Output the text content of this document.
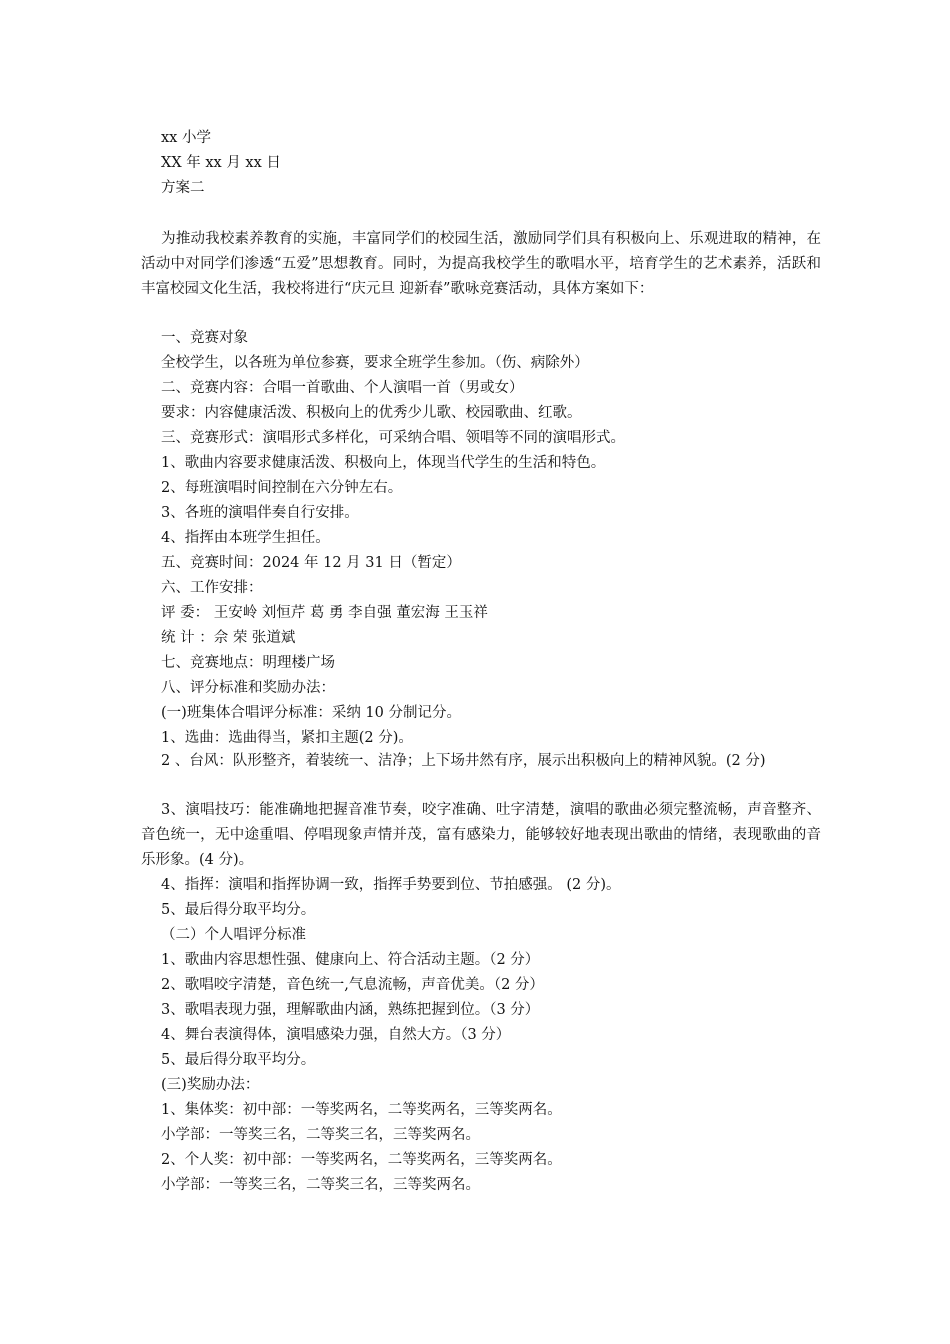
xx 小学
XX 年 xx 月 xx 日
方案二
为推动我校素养教育的实施，丰富同学们的校园生活，激励同学们具有积极向上、乐观进取的精神，在活动中对同学们渗透“五爱”思想教育。同时，为提高我校学生的歌唱水平，培育学生的艺术素养，活跃和丰富校园文化生活，我校将进行“庆元旦 迎新春”歌咏竞赛活动，具体方案如下：
一、竞赛对象
全校学生，以各班为单位参赛，要求全班学生参加。（伤、病除外）
二、竞赛内容：合唱一首歌曲、个人演唱一首（男或女）
要求：内容健康活泼、积极向上的优秀少儿歌、校园歌曲、红歌。
三、竞赛形式：演唱形式多样化，可采纳合唱、领唱等不同的演唱形式。
1、歌曲内容要求健康活泼、积极向上，体现当代学生的生活和特色。
2、每班演唱时间控制在六分钟左右。
3、各班的演唱伴奏自行安排。
4、指挥由本班学生担任。
五、竞赛时间：2024 年 12 月 31 日（暂定）
六、工作安排：
评 委： 王安岭 刘恒芹 葛 勇 李自强 董宏海 王玉祥
统 计 ：佘 荣 张道斌
七、竞赛地点：明理楼广场
八、评分标准和奖励办法：
(一)班集体合唱评分标准：采纳 10 分制记分。
1、选曲：选曲得当，紧扣主题(2 分)。
2 、台风：队形整齐，着装统一、洁净；上下场井然有序，展示出积极向上的精神风貌。(2 分)
3、演唱技巧：能准确地把握音准节奏，咬字准确、吐字清楚，演唱的歌曲必须完整流畅，声音整齐、音色统一，无中途重唱、停唱现象声情并茂，富有感染力，能够较好地表现出歌曲的情绪，表现歌曲的音乐形象。(4 分)。
4、指挥：演唱和指挥协调一致，指挥手势要到位、节拍感强。 (2 分)。
5、最后得分取平均分。
（二）个人唱评分标准
1、歌曲内容思想性强、健康向上、符合活动主题。（2 分）
2、歌唱咬字清楚，音色统一,气息流畅，声音优美。（2 分）
3、歌唱表现力强，理解歌曲内涵，熟练把握到位。（3 分）
4、舞台表演得体，演唱感染力强，自然大方。（3 分）
5、最后得分取平均分。
(三)奖励办法：
1、集体奖：初中部：一等奖两名，二等奖两名，三等奖两名。
小学部：一等奖三名，二等奖三名，三等奖两名。
2、个人奖：初中部：一等奖两名，二等奖两名，三等奖两名。
小学部：一等奖三名，二等奖三名，三等奖两名。
